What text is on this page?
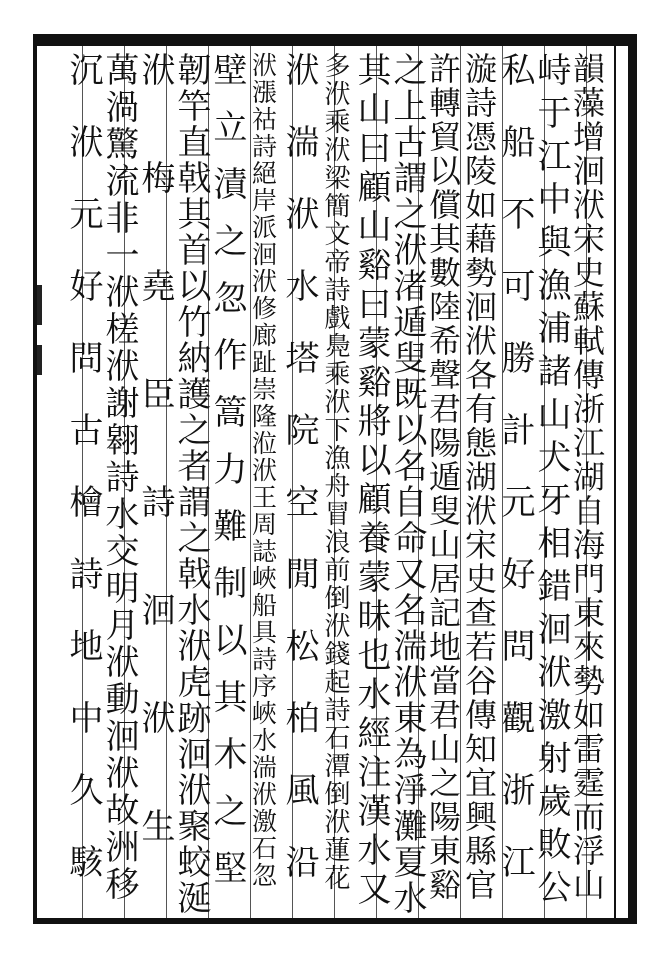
韻藻增洄洑宋史蘇軾傳浙江湖自海門東來勢如雷霆而浮山
峙于江中與漁浦諸山犬牙相錯洄洑激射歲敗公
私船不可勝計元好問觀浙江
漩詩憑陵如藉勢洄洑各有態湖洑宋史查若谷傳知宜興縣官
許轉貿以償其數陸希聲君陽遁叟山居記地當君山之陽東谿
之上古謂之洑渚遁叟既以名自命又名湍洑東為淨灘夏水
其山曰顧山谿曰蒙谿將以顧養蒙昧也水經注漢水又
多洑乘洑梁簡文帝詩戲鳧乘洑下漁舟冒浪前倒洑錢起詩石潭倒洑蓮花
洑湍洑水塔院空閒松柏風沿
洑漲祜詩絕岸派洄洑修廊趾崇隆涖洑王周誌峽船具詩序峽水湍洑激石忽
壁立漬之忽作篙力難制以其木之堅
韌竿直戟其首以竹納護之者謂之戟水洑虎跡洄洑聚蛟涎
洑梅堯臣詩洄洑生
萬渦驚流非一洑槎洑謝翱詩水交明月洑動洄洑故洲移
沉洑元好問古檜詩地中久駭
